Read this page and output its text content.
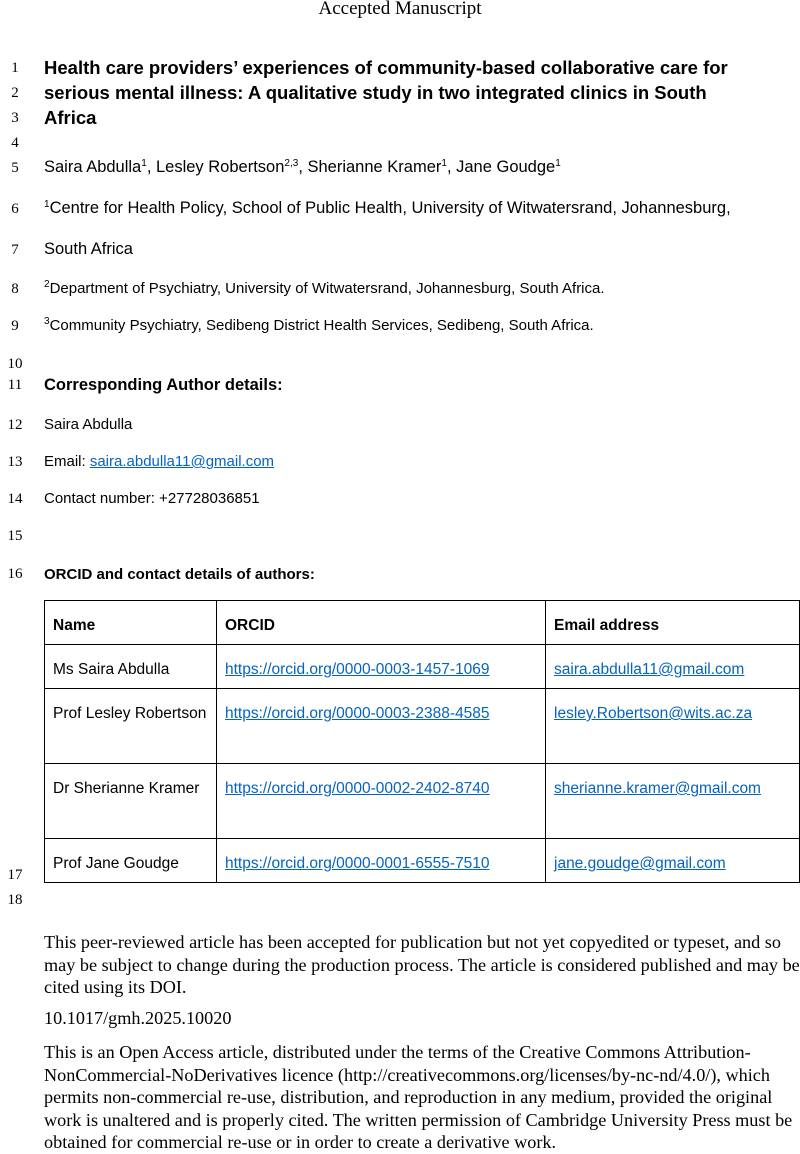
Accepted Manuscript
1
2
3
4
5
6
7
8
9
10
11
12
13
14
15
16
17
18
Health care providers’ experiences of community-based collaborative care for
serious mental illness: A qualitative study in two integrated clinics in South
Africa
Saira Abdulla$^1$, Lesley Robertson$^{2,3}$, Sherianne Kramer$^1$, Jane Goudge$^1$
$^1$Centre for Health Policy, School of Public Health, University of Witwatersrand, Johannesburg,
South Africa
$^2$Department of Psychiatry, University of Witwatersrand, Johannesburg, South Africa.
$^3$Community Psychiatry, Sedibeng District Health Services, Sedibeng, South Africa.
Corresponding Author details:
Saira Abdulla
Email: saira.abdulla11@gmail.com
Contact number: +27728036851
ORCID and contact details of authors:
Name	ORCID	Email address
Ms Saira Abdulla	https://orcid.org/0000-0003-1457-1069	saira.abdulla11@gmail.com
Prof Lesley Robertson	https://orcid.org/0000-0003-2388-4585	lesley.Robertson@wits.ac.za
Dr Sherianne Kramer	https://orcid.org/0000-0002-2402-8740	sherianne.kramer@gmail.com
Prof Jane Goudge	https://orcid.org/0000-0001-6555-7510	jane.goudge@gmail.com
This peer-reviewed article has been accepted for publication but not yet copyedited or typeset, and so may be subject to change during the production process. The article is considered published and may be cited using its DOI.
10.1017/gmh.2025.10020
This is an Open Access article, distributed under the terms of the Creative Commons Attribution-NonCommercial-NoDerivatives licence (http://creativecommons.org/licenses/by-nc-nd/4.0/), which permits non-commercial re-use, distribution, and reproduction in any medium, provided the original work is unaltered and is properly cited. The written permission of Cambridge University Press must be obtained for commercial re-use or in order to create a derivative work.
